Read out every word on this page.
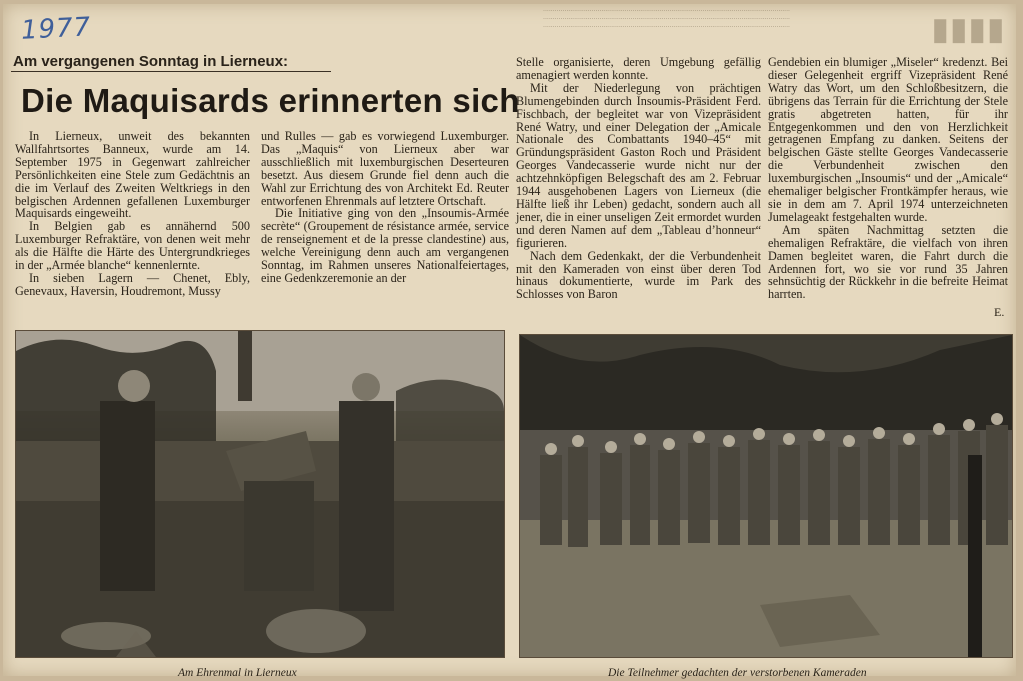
...............................................................................................................................
...............................................................................................................................
...............................................................................................................................	▮▮▮▮
1977
Am vergangenen Sonntag in Lierneux:
Die Maquisards erinnerten sich

In Lierneux, unweit des bekannten Wallfahrtsortes Banneux, wurde am 14. September 1975 in Gegenwart zahlreicher Persönlichkeiten eine Stele zum Gedächtnis an die im Verlauf des Zweiten Weltkriegs in den belgischen Ardennen gefallenen Luxemburger Maquisards eingeweiht.

In Belgien gab es annähernd 500 Luxemburger Refraktäre, von denen weit mehr als die Hälfte die Härte des Untergrundkrieges in der „Armée blanche“ kennenlernte.

In sieben Lagern — Chenet, Ebly, Genevaux, Haversin, Houdremont, Mussy

und Rulles — gab es vorwiegend Luxemburger. Das „Maquis“ von Lierneux aber war ausschließlich mit luxemburgischen Deserteuren besetzt. Aus diesem Grunde fiel denn auch die Wahl zur Errichtung des von Architekt Ed. Reuter entworfenen Ehrenmals auf letztere Ortschaft.

Die Initiative ging von den „Insoumis-Armée secrète“ (Groupement de résistance armée, service de renseignement et de la presse clandestine) aus, welche Vereinigung denn auch am vergangenen Sonntag, im Rahmen unseres Nationalfeiertages, eine Gedenkzeremonie an der

Stelle organisierte, deren Umgebung gefällig amenagiert werden konnte.

Mit der Niederlegung von prächtigen Blumengebinden durch Insoumis-Präsident Ferd. Fischbach, der begleitet war von Vizepräsident René Watry, und einer Delegation der „Amicale Nationale des Combattants 1940–45“ mit Gründungspräsident Gaston Roch und Präsident Georges Vandecasserie wurde nicht nur der achtzehnköpfigen Belegschaft des am 2. Februar 1944 ausgehobenen Lagers von Lierneux (die Hälfte ließ ihr Leben) gedacht, sondern auch all jener, die in einer unseligen Zeit ermordet wurden und deren Namen auf dem „Tableau d’honneur“ figurieren.

Nach dem Gedenkakt, der die Verbundenheit mit den Kameraden von einst über deren Tod hinaus dokumentierte, wurde im Park des Schlosses von Baron

Gendebien ein blumiger „Miseler“ kredenzt. Bei dieser Gelegenheit ergriff Vizepräsident René Watry das Wort, um den Schloßbesitzern, die übrigens das Terrain für die Errichtung der Stele gratis abgetreten hatten, für ihr Entgegenkommen und den von Herzlichkeit getragenen Empfang zu danken. Seitens der belgischen Gäste stellte Georges Vandecasserie die Verbundenheit zwischen den luxemburgischen „Insoumis“ und der „Amicale“ ehemaliger belgischer Frontkämpfer heraus, wie sie in dem am 7. April 1974 unterzeichneten Jumelageakt festgehalten wurde.

Am späten Nachmittag setzten die ehemaligen Refraktäre, die vielfach von ihren Damen begleitet waren, die Fahrt durch die Ardennen fort, wo sie vor rund 35 Jahren sehnsüchtig der Rückkehr in die befreite Heimat harrten.

E.
Am Ehrenmal in Lierneux	Die Teilnehmer gedachten der verstorbenen Kameraden
